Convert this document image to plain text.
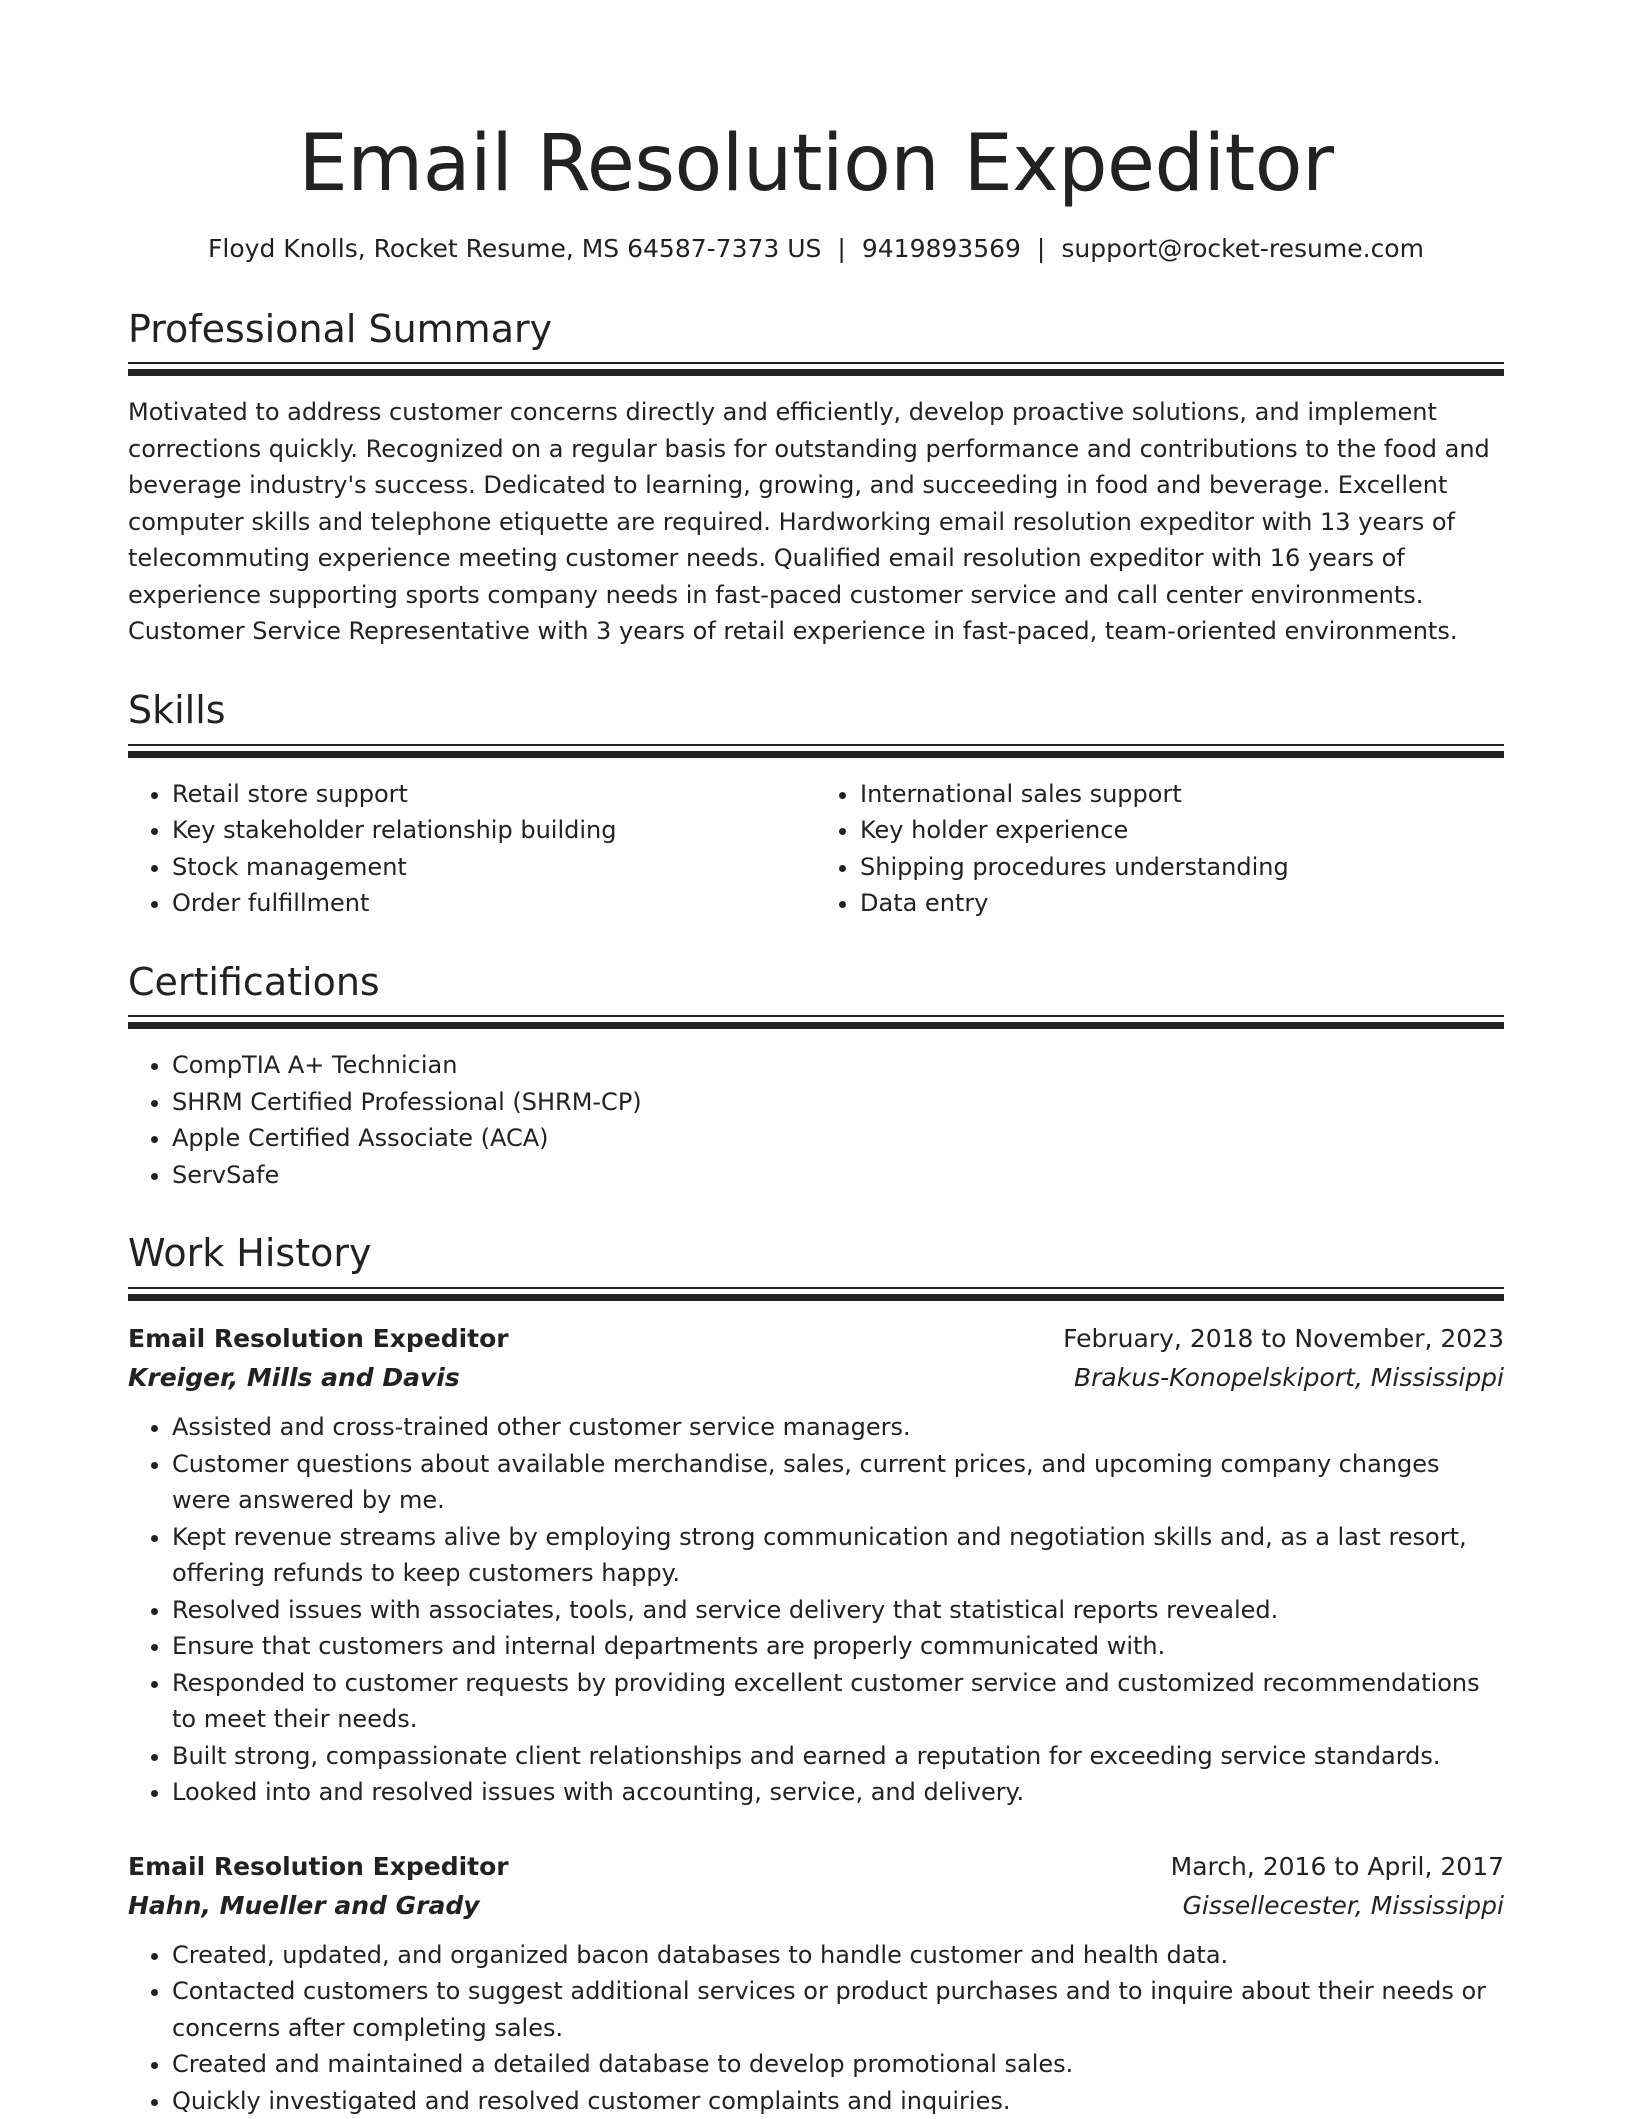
Email Resolution Expeditor
Floyd Knolls, Rocket Resume, MS 64587-7373 US | 9419893569 | support@rocket-resume.com
Professional Summary
Motivated to address customer concerns directly and efficiently, develop proactive solutions, and implement corrections quickly. Recognized on a regular basis for outstanding performance and contributions to the food and beverage industry's success. Dedicated to learning, growing, and succeeding in food and beverage. Excellent computer skills and telephone etiquette are required. Hardworking email resolution expeditor with 13 years of telecommuting experience meeting customer needs. Qualified email resolution expeditor with 16 years of experience supporting sports company needs in fast-paced customer service and call center environments. Customer Service Representative with 3 years of retail experience in fast-paced, team-oriented environments.
Skills
• Retail store support
• Key stakeholder relationship building
• Stock management
• Order fulfillment
• International sales support
• Key holder experience
• Shipping procedures understanding
• Data entry
Certifications
• CompTIA A+ Technician
• SHRM Certified Professional (SHRM-CP)
• Apple Certified Associate (ACA)
• ServSafe
Work History
Email Resolution Expeditor	February, 2018 to November, 2023
Kreiger, Mills and Davis	Brakus-Konopelskiport, Mississippi
• Assisted and cross-trained other customer service managers.
• Customer questions about available merchandise, sales, current prices, and upcoming company changes were answered by me.
• Kept revenue streams alive by employing strong communication and negotiation skills and, as a last resort, offering refunds to keep customers happy.
• Resolved issues with associates, tools, and service delivery that statistical reports revealed.
• Ensure that customers and internal departments are properly communicated with.
• Responded to customer requests by providing excellent customer service and customized recommendations to meet their needs.
• Built strong, compassionate client relationships and earned a reputation for exceeding service standards.
• Looked into and resolved issues with accounting, service, and delivery.
Email Resolution Expeditor	March, 2016 to April, 2017
Hahn, Mueller and Grady	Gissellecester, Mississippi
• Created, updated, and organized bacon databases to handle customer and health data.
• Contacted customers to suggest additional services or product purchases and to inquire about their needs or concerns after completing sales.
• Created and maintained a detailed database to develop promotional sales.
• Quickly investigated and resolved customer complaints and inquiries.
